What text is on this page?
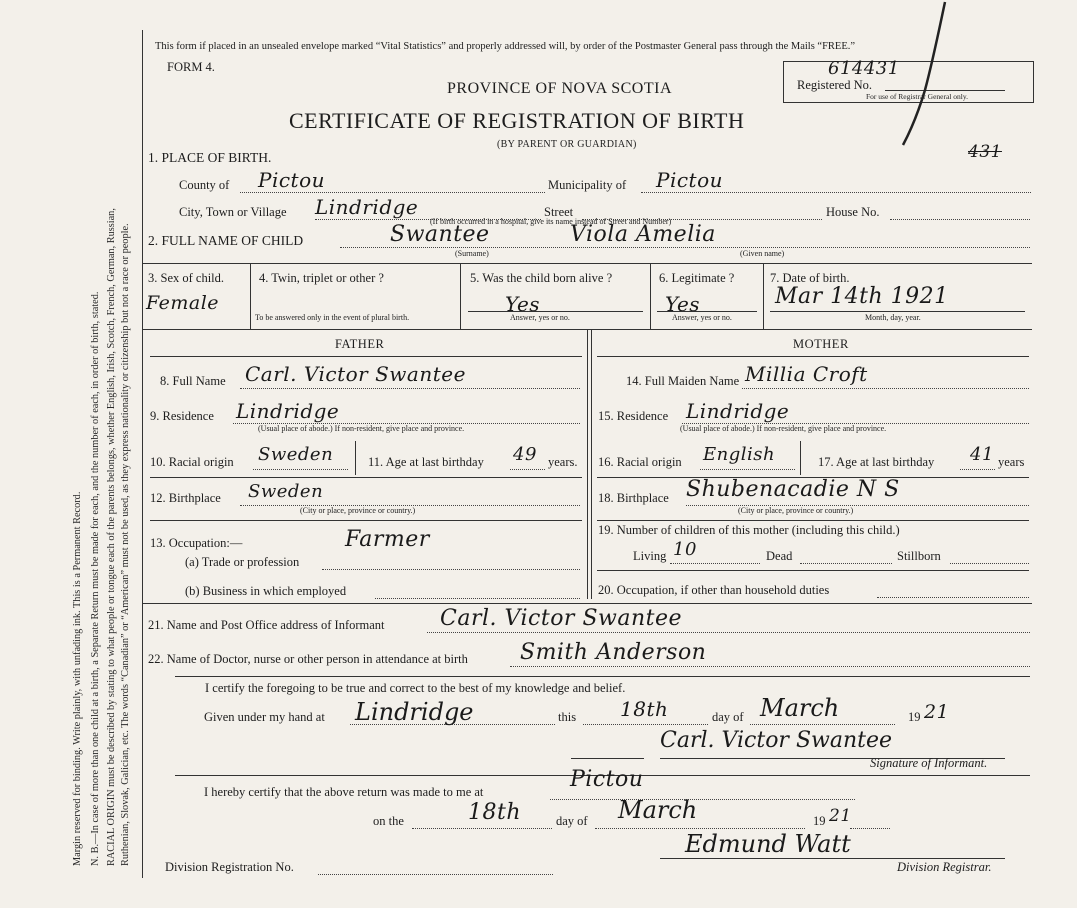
Margin reserved for binding. Write plainly, with unfading ink. This is a Permanent Record. N. B.—In case of more than one child at a birth, a Separate Return must be made for each, and the number of each, in order of birth, stated. RACIAL ORIGIN must be described by stating to what people or tongue each of the parents belongs, whether English, Irish, Scotch, French, German, Russian, Ruthenian, Slovak, Galician, etc. The words “Canadian” or “American” must not be used, as they express nationality or citizenship but not a race or people.
This form if placed in an unsealed envelope marked “Vital Statistics” and properly addressed will, by order of the Postmaster General pass through the Mails “FREE.”
FORM 4.
PROVINCE OF NOVA SCOTIA
CERTIFICATE OF REGISTRATION OF BIRTH
(BY PARENT OR GUARDIAN)
614431
Registered No.
For use of Registrar General only.
431
1. PLACE OF BIRTH.
County of Pictou	Municipality of Pictou
City, Town or Village Lindridge	Street	House No.
(If birth occurred in a hospital, give its name instead of Street and Number)
2. FULL NAME OF CHILD	Swantee	Viola Amelia
(Surname)	(Given name)
3. Sex of child.
Female
4. Twin, triplet or other ?
To be answered only in the event of plural birth.
5. Was the child born alive ?
Yes
Answer, yes or no.
6. Legitimate ?
Yes
Answer, yes or no.
7. Date of birth.
Mar 14th 1921
Month, day, year.
FATHER	MOTHER
8. Full Name Carl. Victor Swantee
9. Residence Lindridge
(Usual place of abode.) If non-resident, give place and province.
10. Racial origin Sweden	11. Age at last birthday 49 years.
12. Birthplace Sweden
(City or place, province or country.)
13. Occupation:—	Farmer
(a) Trade or profession
(b) Business in which employed
14. Full Maiden Name Millia Croft
15. Residence Lindridge
(Usual place of abode.) If non-resident, give place and province.
16. Racial origin English	17. Age at last birthday 41 years
18. Birthplace Shubenacadie N S
(City or place, province or country.)
19. Number of children of this mother (including this child.)
Living 10	Dead	Stillborn
20. Occupation, if other than household duties
21. Name and Post Office address of Informant	Carl. Victor Swantee
22. Name of Doctor, nurse or other person in attendance at birth Smith Anderson
I certify the foregoing to be true and correct to the best of my knowledge and belief.
Given under my hand at Lindridge	this 18th	day of March	19 21
Carl. Victor Swantee
Signature of Informant.
I hereby certify that the above return was made to me at	Pictou
on the	18th	day of March	19 21
Edmund Watt
Division Registration No.	Division Registrar.
